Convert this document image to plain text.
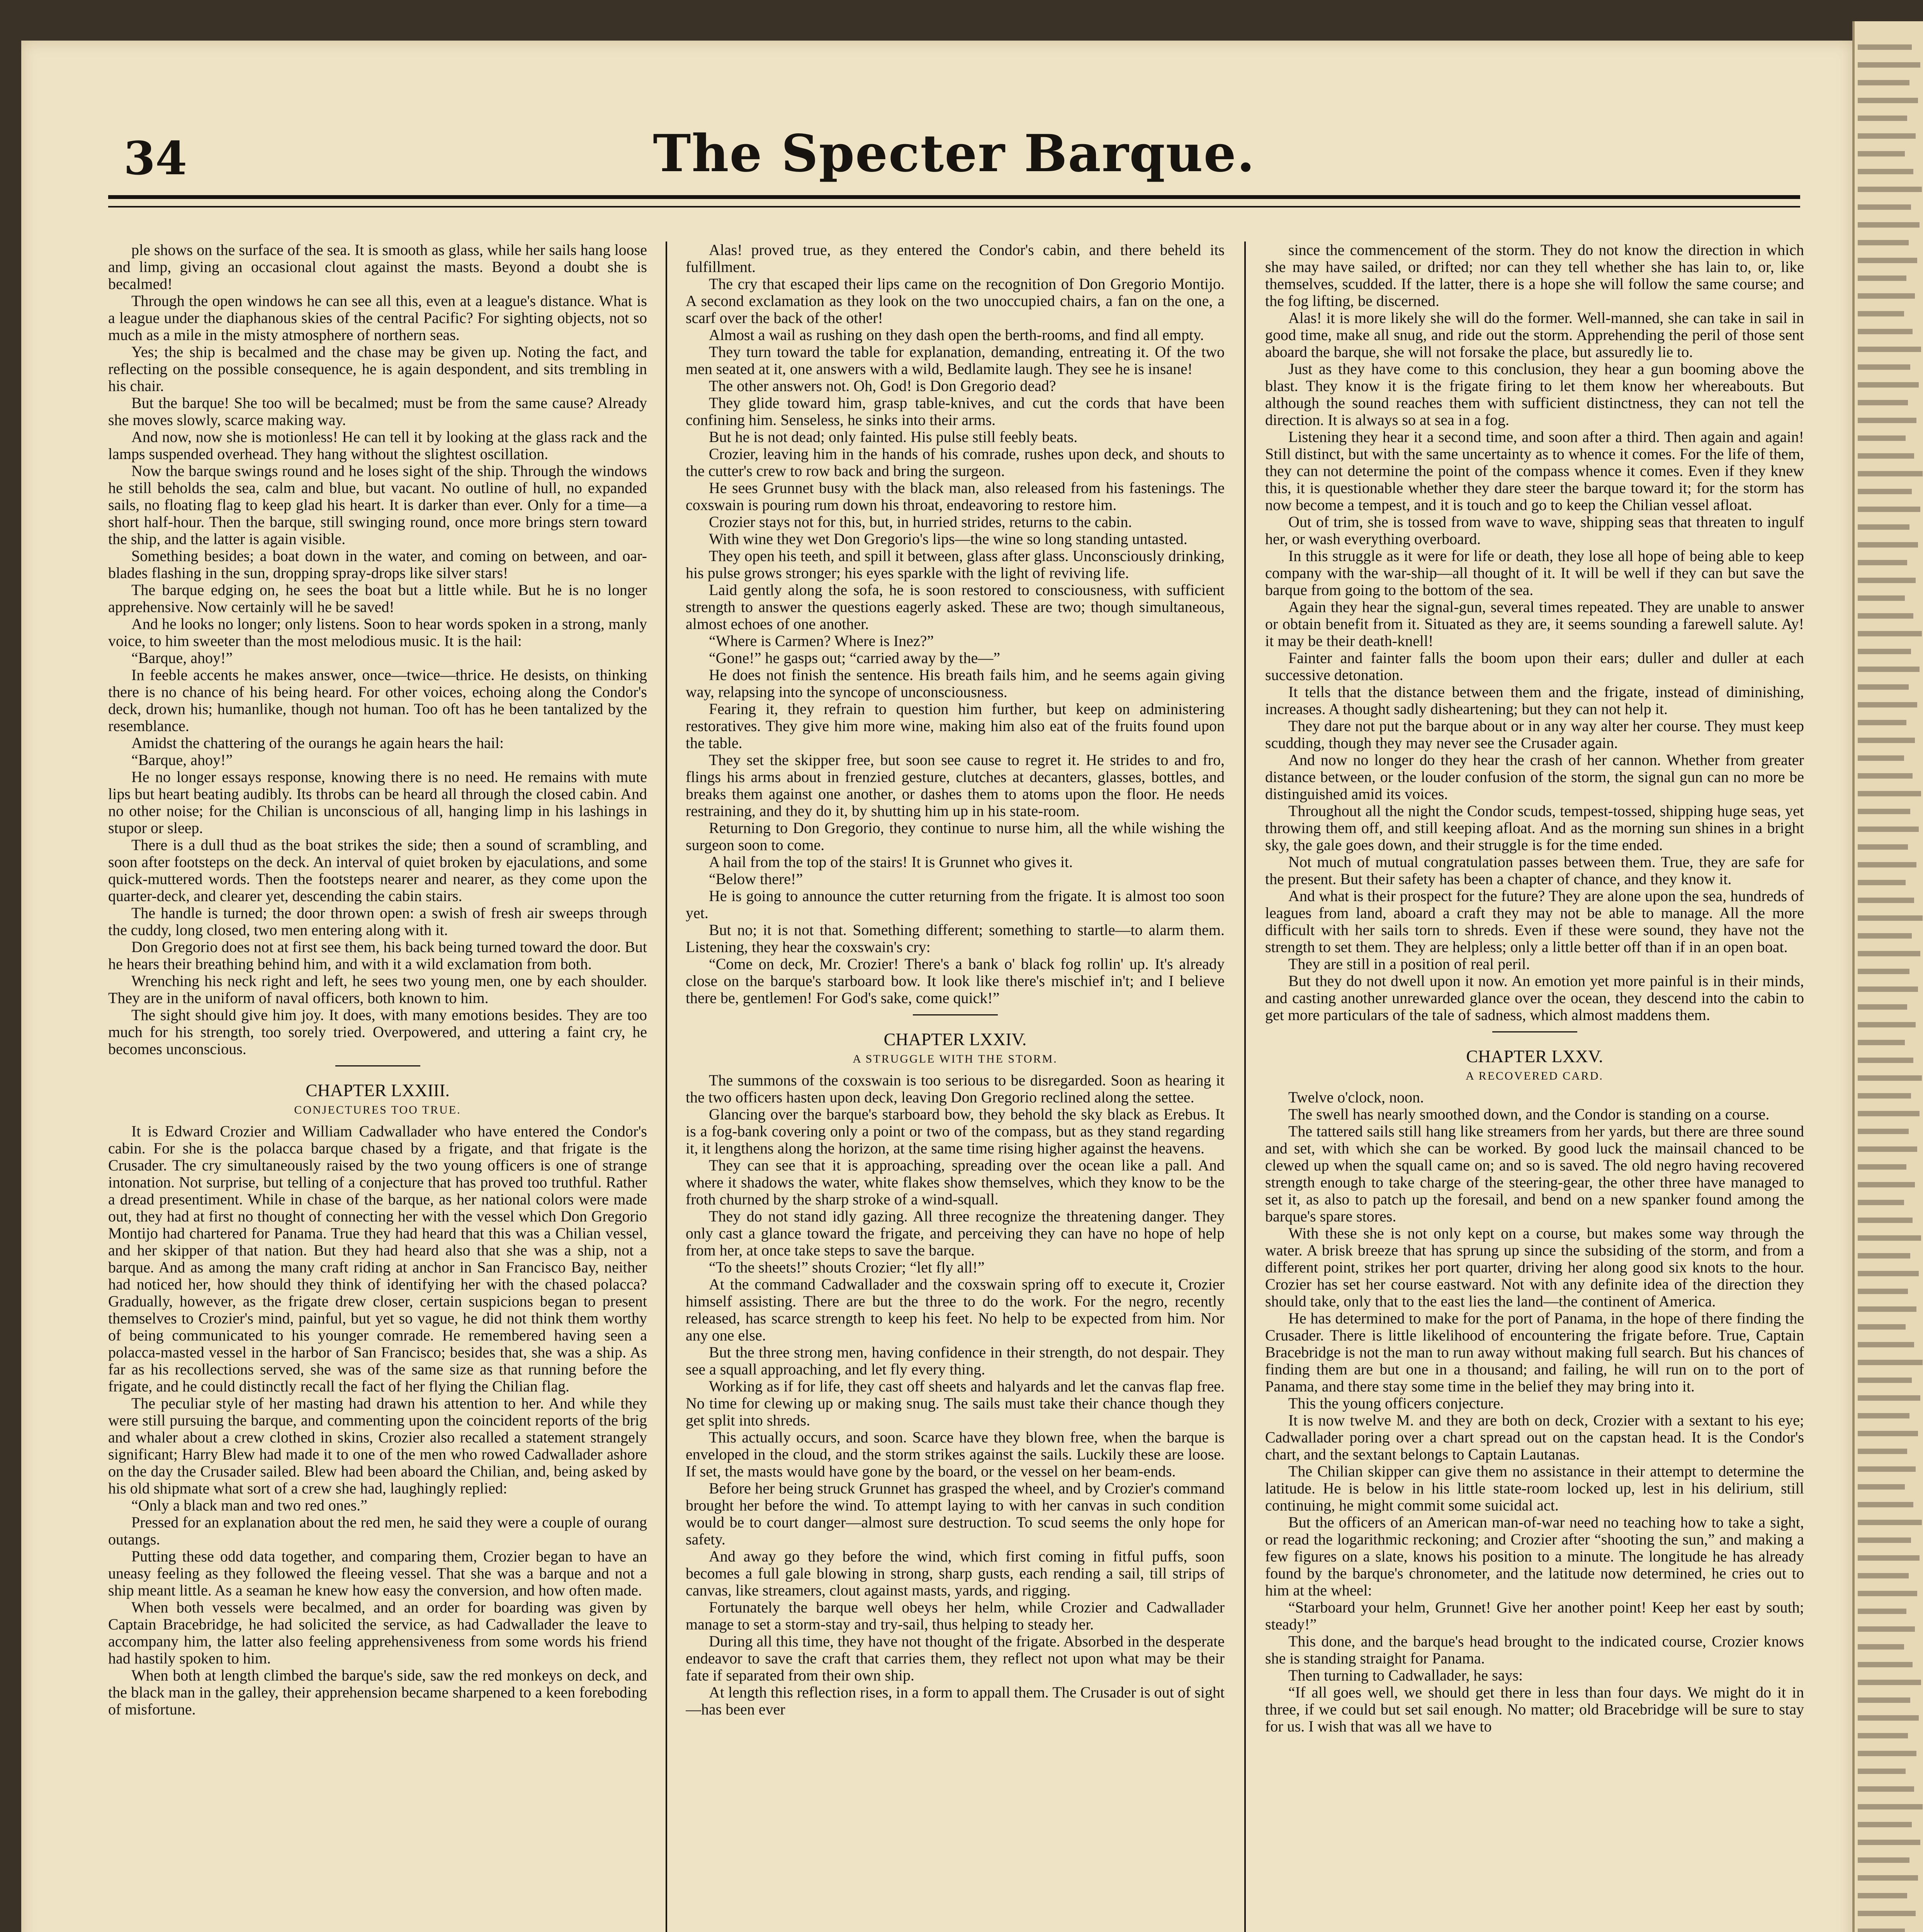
34	The Specter Barque.

ple shows on the surface of the sea. It is smooth as glass, while her sails hang loose and limp, giving an occasional clout against the masts. Beyond a doubt she is becalmed!

Through the open windows he can see all this, even at a league's distance. What is a league under the diaphanous skies of the central Pacific? For sighting objects, not so much as a mile in the misty atmosphere of northern seas.

Yes; the ship is becalmed and the chase may be given up. Noting the fact, and reflecting on the possible consequence, he is again despondent, and sits trembling in his chair.

But the barque! She too will be becalmed; must be from the same cause? Already she moves slowly, scarce making way.

And now, now she is motionless! He can tell it by looking at the glass rack and the lamps suspended overhead. They hang without the slightest oscillation.

Now the barque swings round and he loses sight of the ship. Through the windows he still beholds the sea, calm and blue, but vacant. No outline of hull, no expanded sails, no floating flag to keep glad his heart. It is darker than ever. Only for a time—a short half-hour. Then the barque, still swinging round, once more brings stern toward the ship, and the latter is again visible.

Something besides; a boat down in the water, and coming on between, and oar-blades flashing in the sun, dropping spray-drops like silver stars!

The barque edging on, he sees the boat but a little while. But he is no longer apprehensive. Now certainly will he be saved!

And he looks no longer; only listens. Soon to hear words spoken in a strong, manly voice, to him sweeter than the most melodious music. It is the hail:

“Barque, ahoy!”

In feeble accents he makes answer, once—twice—thrice. He desists, on thinking there is no chance of his being heard. For other voices, echoing along the Condor's deck, drown his; humanlike, though not human. Too oft has he been tantalized by the resemblance.

Amidst the chattering of the ourangs he again hears the hail:

“Barque, ahoy!”

He no longer essays response, knowing there is no need. He remains with mute lips but heart beating audibly. Its throbs can be heard all through the closed cabin. And no other noise; for the Chilian is unconscious of all, hanging limp in his lashings in stupor or sleep.

There is a dull thud as the boat strikes the side; then a sound of scrambling, and soon after footsteps on the deck. An interval of quiet broken by ejaculations, and some quick-muttered words. Then the footsteps nearer and nearer, as they come upon the quarter-deck, and clearer yet, descending the cabin stairs.

The handle is turned; the door thrown open: a swish of fresh air sweeps through the cuddy, long closed, two men entering along with it.

Don Gregorio does not at first see them, his back being turned toward the door. But he hears their breathing behind him, and with it a wild exclamation from both.

Wrenching his neck right and left, he sees two young men, one by each shoulder. They are in the uniform of naval officers, both known to him.

The sight should give him joy. It does, with many emotions besides. They are too much for his strength, too sorely tried. Overpowered, and uttering a faint cry, he becomes unconscious.

CHAPTER LXXIII.
CONJECTURES TOO TRUE.

It is Edward Crozier and William Cadwallader who have entered the Condor's cabin. For she is the polacca barque chased by a frigate, and that frigate is the Crusader. The cry simultaneously raised by the two young officers is one of strange intonation. Not surprise, but telling of a conjecture that has proved too truthful. Rather a dread presentiment. While in chase of the barque, as her national colors were made out, they had at first no thought of connecting her with the vessel which Don Gregorio Montijo had chartered for Panama. True they had heard that this was a Chilian vessel, and her skipper of that nation. But they had heard also that she was a ship, not a barque. And as among the many craft riding at anchor in San Francisco Bay, neither had noticed her, how should they think of identifying her with the chased polacca? Gradually, however, as the frigate drew closer, certain suspicions began to present themselves to Crozier's mind, painful, but yet so vague, he did not think them worthy of being communicated to his younger comrade. He remembered having seen a polacca-masted vessel in the harbor of San Francisco; besides that, she was a ship. As far as his recollections served, she was of the same size as that running before the frigate, and he could distinctly recall the fact of her flying the Chilian flag.

The peculiar style of her masting had drawn his attention to her. And while they were still pursuing the barque, and commenting upon the coincident reports of the brig and whaler about a crew clothed in skins, Crozier also recalled a statement strangely significant; Harry Blew had made it to one of the men who rowed Cadwallader ashore on the day the Crusader sailed. Blew had been aboard the Chilian, and, being asked by his old shipmate what sort of a crew she had, laughingly replied:

“Only a black man and two red ones.”

Pressed for an explanation about the red men, he said they were a couple of ourang outangs.

Putting these odd data together, and comparing them, Crozier began to have an uneasy feeling as they followed the fleeing vessel. That she was a barque and not a ship meant little. As a seaman he knew how easy the conversion, and how often made.

When both vessels were becalmed, and an order for boarding was given by Captain Bracebridge, he had solicited the service, as had Cadwallader the leave to accompany him, the latter also feeling apprehensiveness from some words his friend had hastily spoken to him.

When both at length climbed the barque's side, saw the red monkeys on deck, and the black man in the galley, their apprehension became sharpened to a keen foreboding of misfortune.

Alas! proved true, as they entered the Condor's cabin, and there beheld its fulfillment.

The cry that escaped their lips came on the recognition of Don Gregorio Montijo. A second exclamation as they look on the two unoccupied chairs, a fan on the one, a scarf over the back of the other!

Almost a wail as rushing on they dash open the berth-rooms, and find all empty.

They turn toward the table for explanation, demanding, entreating it. Of the two men seated at it, one answers with a wild, Bedlamite laugh. They see he is insane!

The other answers not. Oh, God! is Don Gregorio dead?

They glide toward him, grasp table-knives, and cut the cords that have been confining him. Senseless, he sinks into their arms.

But he is not dead; only fainted. His pulse still feebly beats.

Crozier, leaving him in the hands of his comrade, rushes upon deck, and shouts to the cutter's crew to row back and bring the surgeon.

He sees Grunnet busy with the black man, also released from his fastenings. The coxswain is pouring rum down his throat, endeavoring to restore him.

Crozier stays not for this, but, in hurried strides, returns to the cabin.

With wine they wet Don Gregorio's lips—the wine so long standing untasted.

They open his teeth, and spill it between, glass after glass. Unconsciously drinking, his pulse grows stronger; his eyes sparkle with the light of reviving life.

Laid gently along the sofa, he is soon restored to consciousness, with sufficient strength to answer the questions eagerly asked. These are two; though simultaneous, almost echoes of one another.

“Where is Carmen? Where is Inez?”

“Gone!” he gasps out; “carried away by the—”

He does not finish the sentence. His breath fails him, and he seems again giving way, relapsing into the syncope of unconsciousness.

Fearing it, they refrain to question him further, but keep on administering restoratives. They give him more wine, making him also eat of the fruits found upon the table.

They set the skipper free, but soon see cause to regret it. He strides to and fro, flings his arms about in frenzied gesture, clutches at decanters, glasses, bottles, and breaks them against one another, or dashes them to atoms upon the floor. He needs restraining, and they do it, by shutting him up in his state-room.

Returning to Don Gregorio, they continue to nurse him, all the while wishing the surgeon soon to come.

A hail from the top of the stairs! It is Grunnet who gives it.

“Below there!”

He is going to announce the cutter returning from the frigate. It is almost too soon yet.

But no; it is not that. Something different; something to startle—to alarm them. Listening, they hear the coxswain's cry:

“Come on deck, Mr. Crozier! There's a bank o' black fog rollin' up. It's already close on the barque's starboard bow. It look like there's mischief in't; and I believe there be, gentlemen! For God's sake, come quick!”

CHAPTER LXXIV.
A STRUGGLE WITH THE STORM.

The summons of the coxswain is too serious to be disregarded. Soon as hearing it the two officers hasten upon deck, leaving Don Gregorio reclined along the settee.

Glancing over the barque's starboard bow, they behold the sky black as Erebus. It is a fog-bank covering only a point or two of the compass, but as they stand regarding it, it lengthens along the horizon, at the same time rising higher against the heavens.

They can see that it is approaching, spreading over the ocean like a pall. And where it shadows the water, white flakes show themselves, which they know to be the froth churned by the sharp stroke of a wind-squall.

They do not stand idly gazing. All three recognize the threatening danger. They only cast a glance toward the frigate, and perceiving they can have no hope of help from her, at once take steps to save the barque.

“To the sheets!” shouts Crozier; “let fly all!”

At the command Cadwallader and the coxswain spring off to execute it, Crozier himself assisting. There are but the three to do the work. For the negro, recently released, has scarce strength to keep his feet. No help to be expected from him. Nor any one else.

But the three strong men, having confidence in their strength, do not despair. They see a squall approaching, and let fly every thing.

Working as if for life, they cast off sheets and halyards and let the canvas flap free. No time for clewing up or making snug. The sails must take their chance though they get split into shreds.

This actually occurs, and soon. Scarce have they blown free, when the barque is enveloped in the cloud, and the storm strikes against the sails. Luckily these are loose. If set, the masts would have gone by the board, or the vessel on her beam-ends.

Before her being struck Grunnet has grasped the wheel, and by Crozier's command brought her before the wind. To attempt laying to with her canvas in such condition would be to court danger—almost sure destruction. To scud seems the only hope for safety.

And away go they before the wind, which first coming in fitful puffs, soon becomes a full gale blowing in strong, sharp gusts, each rending a sail, till strips of canvas, like streamers, clout against masts, yards, and rigging.

Fortunately the barque well obeys her helm, while Crozier and Cadwallader manage to set a storm-stay and try-sail, thus helping to steady her.

During all this time, they have not thought of the frigate. Absorbed in the desperate endeavor to save the craft that carries them, they reflect not upon what may be their fate if separated from their own ship.

At length this reflection rises, in a form to appall them. The Crusader is out of sight—has been ever

since the commencement of the storm. They do not know the direction in which she may have sailed, or drifted; nor can they tell whether she has lain to, or, like themselves, scudded. If the latter, there is a hope she will follow the same course; and the fog lifting, be discerned.

Alas! it is more likely she will do the former. Well-manned, she can take in sail in good time, make all snug, and ride out the storm. Apprehending the peril of those sent aboard the barque, she will not forsake the place, but assuredly lie to.

Just as they have come to this conclusion, they hear a gun booming above the blast. They know it is the frigate firing to let them know her whereabouts. But although the sound reaches them with sufficient distinctness, they can not tell the direction. It is always so at sea in a fog.

Listening they hear it a second time, and soon after a third. Then again and again! Still distinct, but with the same uncertainty as to whence it comes. For the life of them, they can not determine the point of the compass whence it comes. Even if they knew this, it is questionable whether they dare steer the barque toward it; for the storm has now become a tempest, and it is touch and go to keep the Chilian vessel afloat.

Out of trim, she is tossed from wave to wave, shipping seas that threaten to ingulf her, or wash everything overboard.

In this struggle as it were for life or death, they lose all hope of being able to keep company with the war-ship—all thought of it. It will be well if they can but save the barque from going to the bottom of the sea.

Again they hear the signal-gun, several times repeated. They are unable to answer or obtain benefit from it. Situated as they are, it seems sounding a farewell salute. Ay! it may be their death-knell!

Fainter and fainter falls the boom upon their ears; duller and duller at each successive detonation.

It tells that the distance between them and the frigate, instead of diminishing, increases. A thought sadly disheartening; but they can not help it.

They dare not put the barque about or in any way alter her course. They must keep scudding, though they may never see the Crusader again.

And now no longer do they hear the crash of her cannon. Whether from greater distance between, or the louder confusion of the storm, the signal gun can no more be distinguished amid its voices.

Throughout all the night the Condor scuds, tempest-tossed, shipping huge seas, yet throwing them off, and still keeping afloat. And as the morning sun shines in a bright sky, the gale goes down, and their struggle is for the time ended.

Not much of mutual congratulation passes between them. True, they are safe for the present. But their safety has been a chapter of chance, and they know it.

And what is their prospect for the future? They are alone upon the sea, hundreds of leagues from land, aboard a craft they may not be able to manage. All the more difficult with her sails torn to shreds. Even if these were sound, they have not the strength to set them. They are helpless; only a little better off than if in an open boat.

They are still in a position of real peril.

But they do not dwell upon it now. An emotion yet more painful is in their minds, and casting another unrewarded glance over the ocean, they descend into the cabin to get more particulars of the tale of sadness, which almost maddens them.

CHAPTER LXXV.
A RECOVERED CARD.

Twelve o'clock, noon.

The swell has nearly smoothed down, and the Condor is standing on a course.

The tattered sails still hang like streamers from her yards, but there are three sound and set, with which she can be worked. By good luck the mainsail chanced to be clewed up when the squall came on; and so is saved. The old negro having recovered strength enough to take charge of the steering-gear, the other three have managed to set it, as also to patch up the foresail, and bend on a new spanker found among the barque's spare stores.

With these she is not only kept on a course, but makes some way through the water. A brisk breeze that has sprung up since the subsiding of the storm, and from a different point, strikes her port quarter, driving her along good six knots to the hour. Crozier has set her course eastward. Not with any definite idea of the direction they should take, only that to the east lies the land—the continent of America.

He has determined to make for the port of Panama, in the hope of there finding the Crusader. There is little likelihood of encountering the frigate before. True, Captain Bracebridge is not the man to run away without making full search. But his chances of finding them are but one in a thousand; and failing, he will run on to the port of Panama, and there stay some time in the belief they may bring into it.

This the young officers conjecture.

It is now twelve M. and they are both on deck, Crozier with a sextant to his eye; Cadwallader poring over a chart spread out on the capstan head. It is the Condor's chart, and the sextant belongs to Captain Lautanas.

The Chilian skipper can give them no assistance in their attempt to determine the latitude. He is below in his little state-room locked up, lest in his delirium, still continuing, he might commit some suicidal act.

But the officers of an American man-of-war need no teaching how to take a sight, or read the logarithmic reckoning; and Crozier after “shooting the sun,” and making a few figures on a slate, knows his position to a minute. The longitude he has already found by the barque's chronometer, and the latitude now determined, he cries out to him at the wheel:

“Starboard your helm, Grunnet! Give her another point! Keep her east by south; steady!”

This done, and the barque's head brought to the indicated course, Crozier knows she is standing straight for Panama.

Then turning to Cadwallader, he says:

“If all goes well, we should get there in less than four days. We might do it in three, if we could but set sail enough. No matter; old Bracebridge will be sure to stay for us. I wish that was all we have to
